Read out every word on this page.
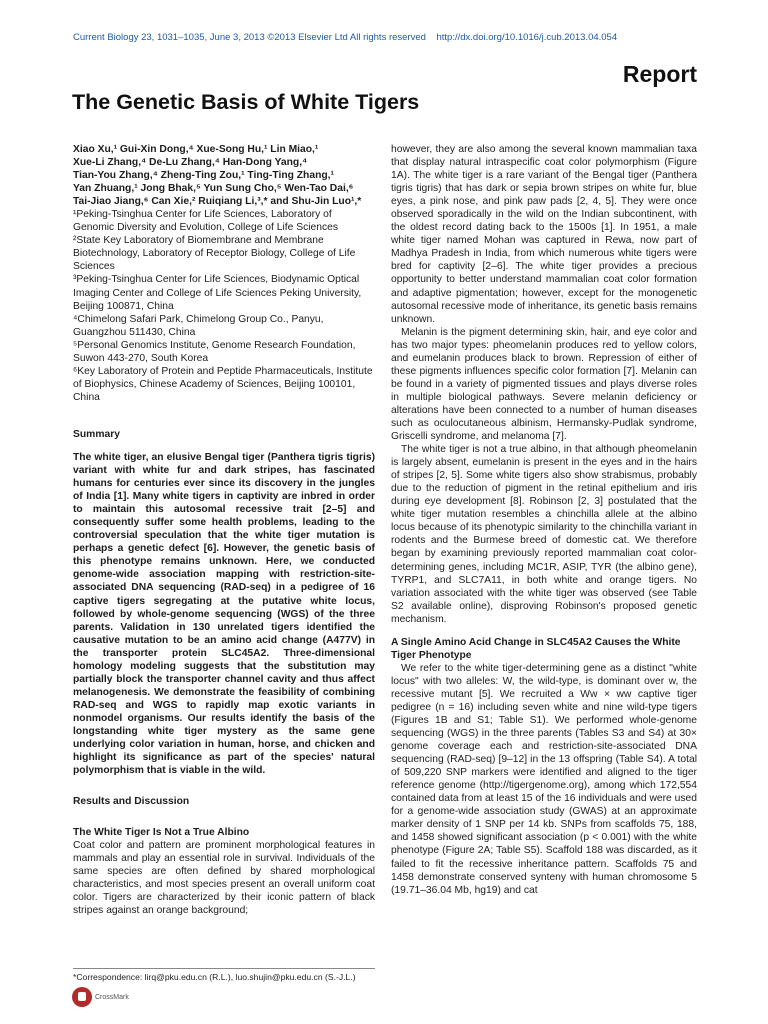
Current Biology 23, 1031–1035, June 3, 2013 ©2013 Elsevier Ltd All rights reserved http://dx.doi.org/10.1016/j.cub.2013.04.054
Report
The Genetic Basis of White Tigers
Xiao Xu,¹ Gui-Xin Dong,⁴ Xue-Song Hu,¹ Lin Miao,¹
Xue-Li Zhang,⁴ De-Lu Zhang,⁴ Han-Dong Yang,⁴
Tian-You Zhang,⁴ Zheng-Ting Zou,¹ Ting-Ting Zhang,¹
Yan Zhuang,¹ Jong Bhak,⁵ Yun Sung Cho,⁵ Wen-Tao Dai,⁶
Tai-Jiao Jiang,⁶ Can Xie,² Ruiqiang Li,³,* and Shu-Jin Luo¹,*
¹Peking-Tsinghua Center for Life Sciences, Laboratory of Genomic Diversity and Evolution, College of Life Sciences
²State Key Laboratory of Biomembrane and Membrane Biotechnology, Laboratory of Receptor Biology, College of Life Sciences
³Peking-Tsinghua Center for Life Sciences, Biodynamic Optical Imaging Center and College of Life Sciences Peking University, Beijing 100871, China
⁴Chimelong Safari Park, Chimelong Group Co., Panyu, Guangzhou 511430, China
⁵Personal Genomics Institute, Genome Research Foundation, Suwon 443-270, South Korea
⁶Key Laboratory of Protein and Peptide Pharmaceuticals, Institute of Biophysics, Chinese Academy of Sciences, Beijing 100101, China
Summary

The white tiger, an elusive Bengal tiger (Panthera tigris tigris) variant with white fur and dark stripes, has fascinated humans for centuries ever since its discovery in the jungles of India [1]. Many white tigers in captivity are inbred in order to maintain this autosomal recessive trait [2–5] and consequently suffer some health problems, leading to the controversial speculation that the white tiger mutation is perhaps a genetic defect [6]. However, the genetic basis of this phenotype remains unknown. Here, we conducted genome-wide association mapping with restriction-site-associated DNA sequencing (RAD-seq) in a pedigree of 16 captive tigers segregating at the putative white locus, followed by whole-genome sequencing (WGS) of the three parents. Validation in 130 unrelated tigers identified the causative mutation to be an amino acid change (A477V) in the transporter protein SLC45A2. Three-dimensional homology modeling suggests that the substitution may partially block the transporter channel cavity and thus affect melanogenesis. We demonstrate the feasibility of combining RAD-seq and WGS to rapidly map exotic variants in nonmodel organisms. Our results identify the basis of the longstanding white tiger mystery as the same gene underlying color variation in human, horse, and chicken and highlight its significance as part of the species' natural polymorphism that is viable in the wild.

Results and Discussion
The White Tiger Is Not a True Albino

Coat color and pattern are prominent morphological features in mammals and play an essential role in survival. Individuals of the same species are often defined by shared morphological characteristics, and most species present an overall uniform coat color. Tigers are characterized by their iconic pattern of black stripes against an orange background;

however, they are also among the several known mammalian taxa that display natural intraspecific coat color polymorphism (Figure 1A). The white tiger is a rare variant of the Bengal tiger (Panthera tigris tigris) that has dark or sepia brown stripes on white fur, blue eyes, a pink nose, and pink paw pads [2, 4, 5]. They were once observed sporadically in the wild on the Indian subcontinent, with the oldest record dating back to the 1500s [1]. In 1951, a male white tiger named Mohan was captured in Rewa, now part of Madhya Pradesh in India, from which numerous white tigers were bred for captivity [2–6]. The white tiger provides a precious opportunity to better understand mammalian coat color formation and adaptive pigmentation; however, except for the monogenetic autosomal recessive mode of inheritance, its genetic basis remains unknown.

Melanin is the pigment determining skin, hair, and eye color and has two major types: pheomelanin produces red to yellow colors, and eumelanin produces black to brown. Repression of either of these pigments influences specific color formation [7]. Melanin can be found in a variety of pigmented tissues and plays diverse roles in multiple biological pathways. Severe melanin deficiency or alterations have been connected to a number of human diseases such as oculocutaneous albinism, Hermansky-Pudlak syndrome, Griscelli syndrome, and melanoma [7].

The white tiger is not a true albino, in that although pheomelanin is largely absent, eumelanin is present in the eyes and in the hairs of stripes [2, 5]. Some white tigers also show strabismus, probably due to the reduction of pigment in the retinal epithelium and iris during eye development [8]. Robinson [2, 3] postulated that the white tiger mutation resembles a chinchilla allele at the albino locus because of its phenotypic similarity to the chinchilla variant in rodents and the Burmese breed of domestic cat. We therefore began by examining previously reported mammalian coat color-determining genes, including MC1R, ASIP, TYR (the albino gene), TYRP1, and SLC7A11, in both white and orange tigers. No variation associated with the white tiger was observed (see Table S2 available online), disproving Robinson's proposed genetic mechanism.

A Single Amino Acid Change in SLC45A2 Causes the White Tiger Phenotype

We refer to the white tiger-determining gene as a distinct "white locus" with two alleles: W, the wild-type, is dominant over w, the recessive mutant [5]. We recruited a Ww × ww captive tiger pedigree (n = 16) including seven white and nine wild-type tigers (Figures 1B and S1; Table S1). We performed whole-genome sequencing (WGS) in the three parents (Tables S3 and S4) at 30× genome coverage each and restriction-site-associated DNA sequencing (RAD-seq) [9–12] in the 13 offspring (Table S4). A total of 509,220 SNP markers were identified and aligned to the tiger reference genome (http://tigergenome.org), among which 172,554 contained data from at least 15 of the 16 individuals and were used for a genome-wide association study (GWAS) at an approximate marker density of 1 SNP per 14 kb. SNPs from scaffolds 75, 188, and 1458 showed significant association (p < 0.001) with the white phenotype (Figure 2A; Table S5). Scaffold 188 was discarded, as it failed to fit the recessive inheritance pattern. Scaffolds 75 and 1458 demonstrate conserved synteny with human chromosome 5 (19.71–36.04 Mb, hg19) and cat

*Correspondence: lirq@pku.edu.cn (R.L.), luo.shujin@pku.edu.cn (S.-J.L.)
CrossMark
